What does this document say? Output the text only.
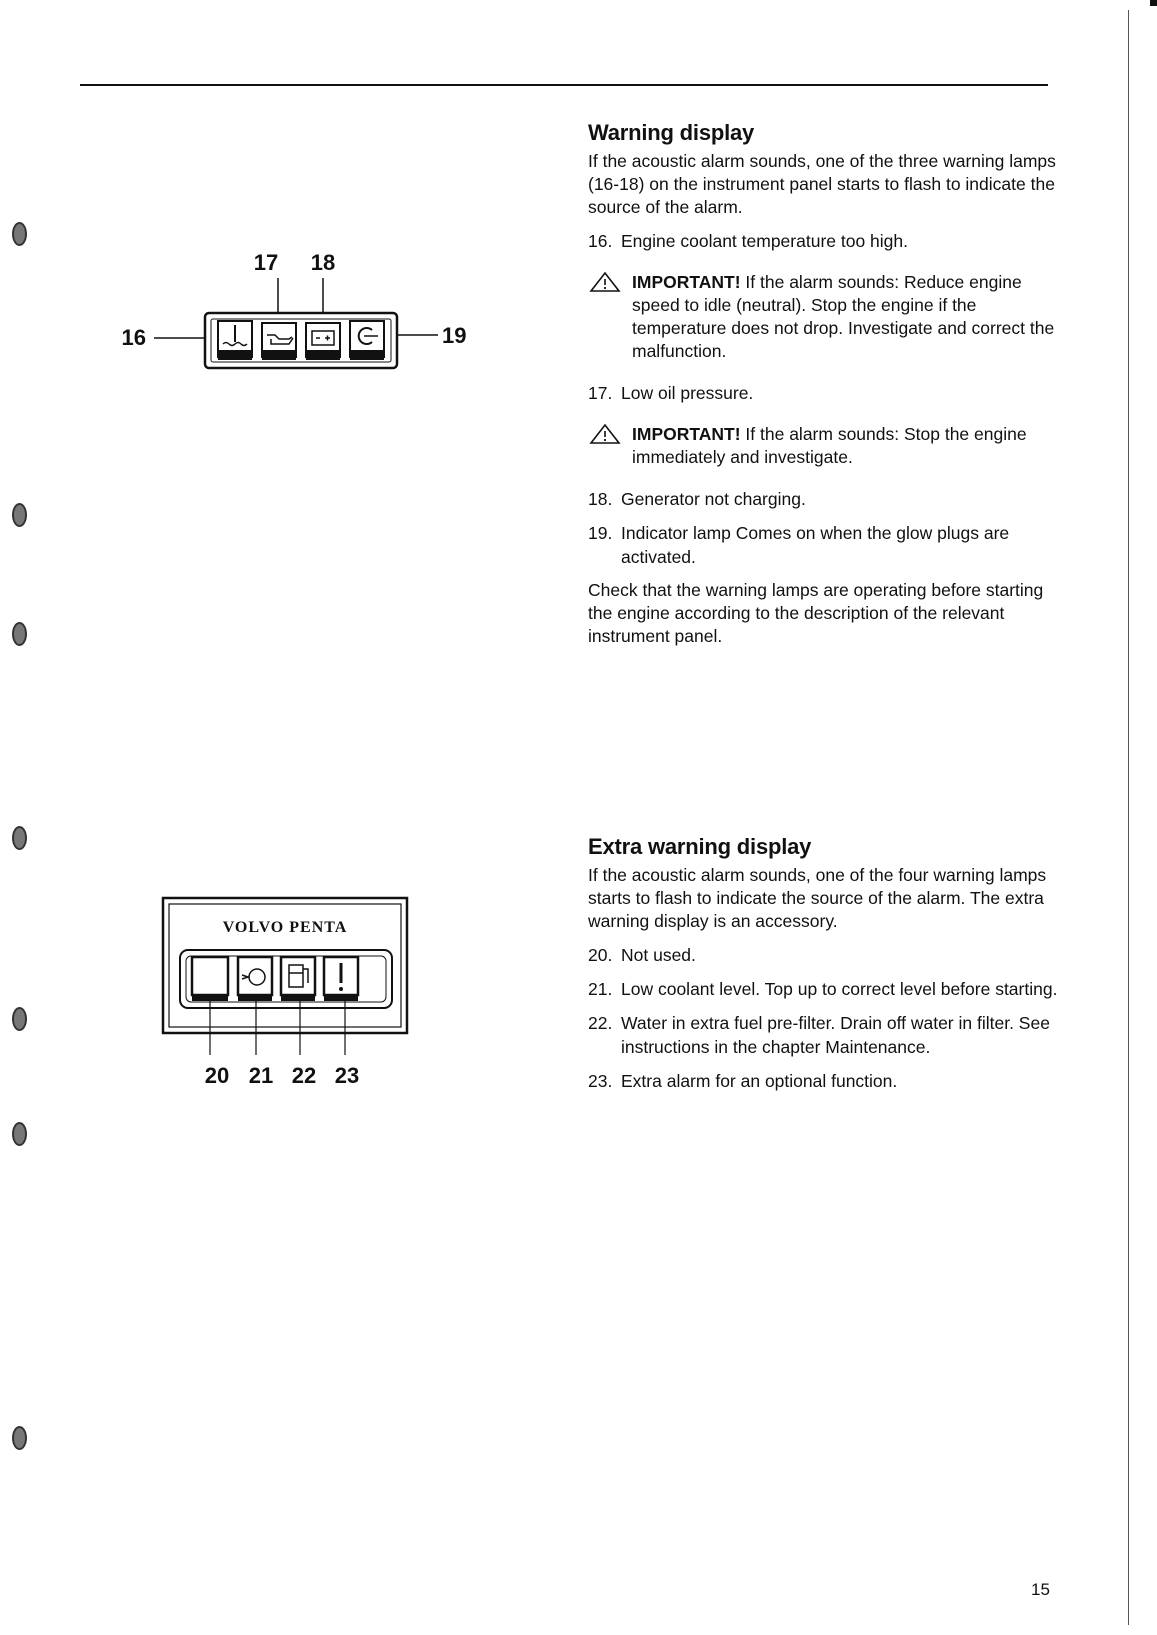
17 18
16	19
VOLVO PENTA
20 21 22 23
Warning display

If the acoustic alarm sounds, one of the three warning lamps (16-18) on the instrument panel starts to flash to indicate the source of the alarm.

16. Engine coolant temperature too high.
IMPORTANT! If the alarm sounds: Reduce engine speed to idle (neutral). Stop the engine if the temperature does not drop. Investigate and correct the malfunction.
17. Low oil pressure.
IMPORTANT! If the alarm sounds: Stop the engine immediately and investigate.
18. Generator not charging.
19. Indicator lamp Comes on when the glow plugs are activated.

Check that the warning lamps are operating before starting the engine according to the description of the relevant instrument panel.

Extra warning display

If the acoustic alarm sounds, one of the four warning lamps starts to flash to indicate the source of the alarm. The extra warning display is an accessory.

20. Not used.
21. Low coolant level. Top up to correct level before starting.
22. Water in extra fuel pre-filter. Drain off water in filter. See instructions in the chapter Maintenance.
23. Extra alarm for an optional function.
15
